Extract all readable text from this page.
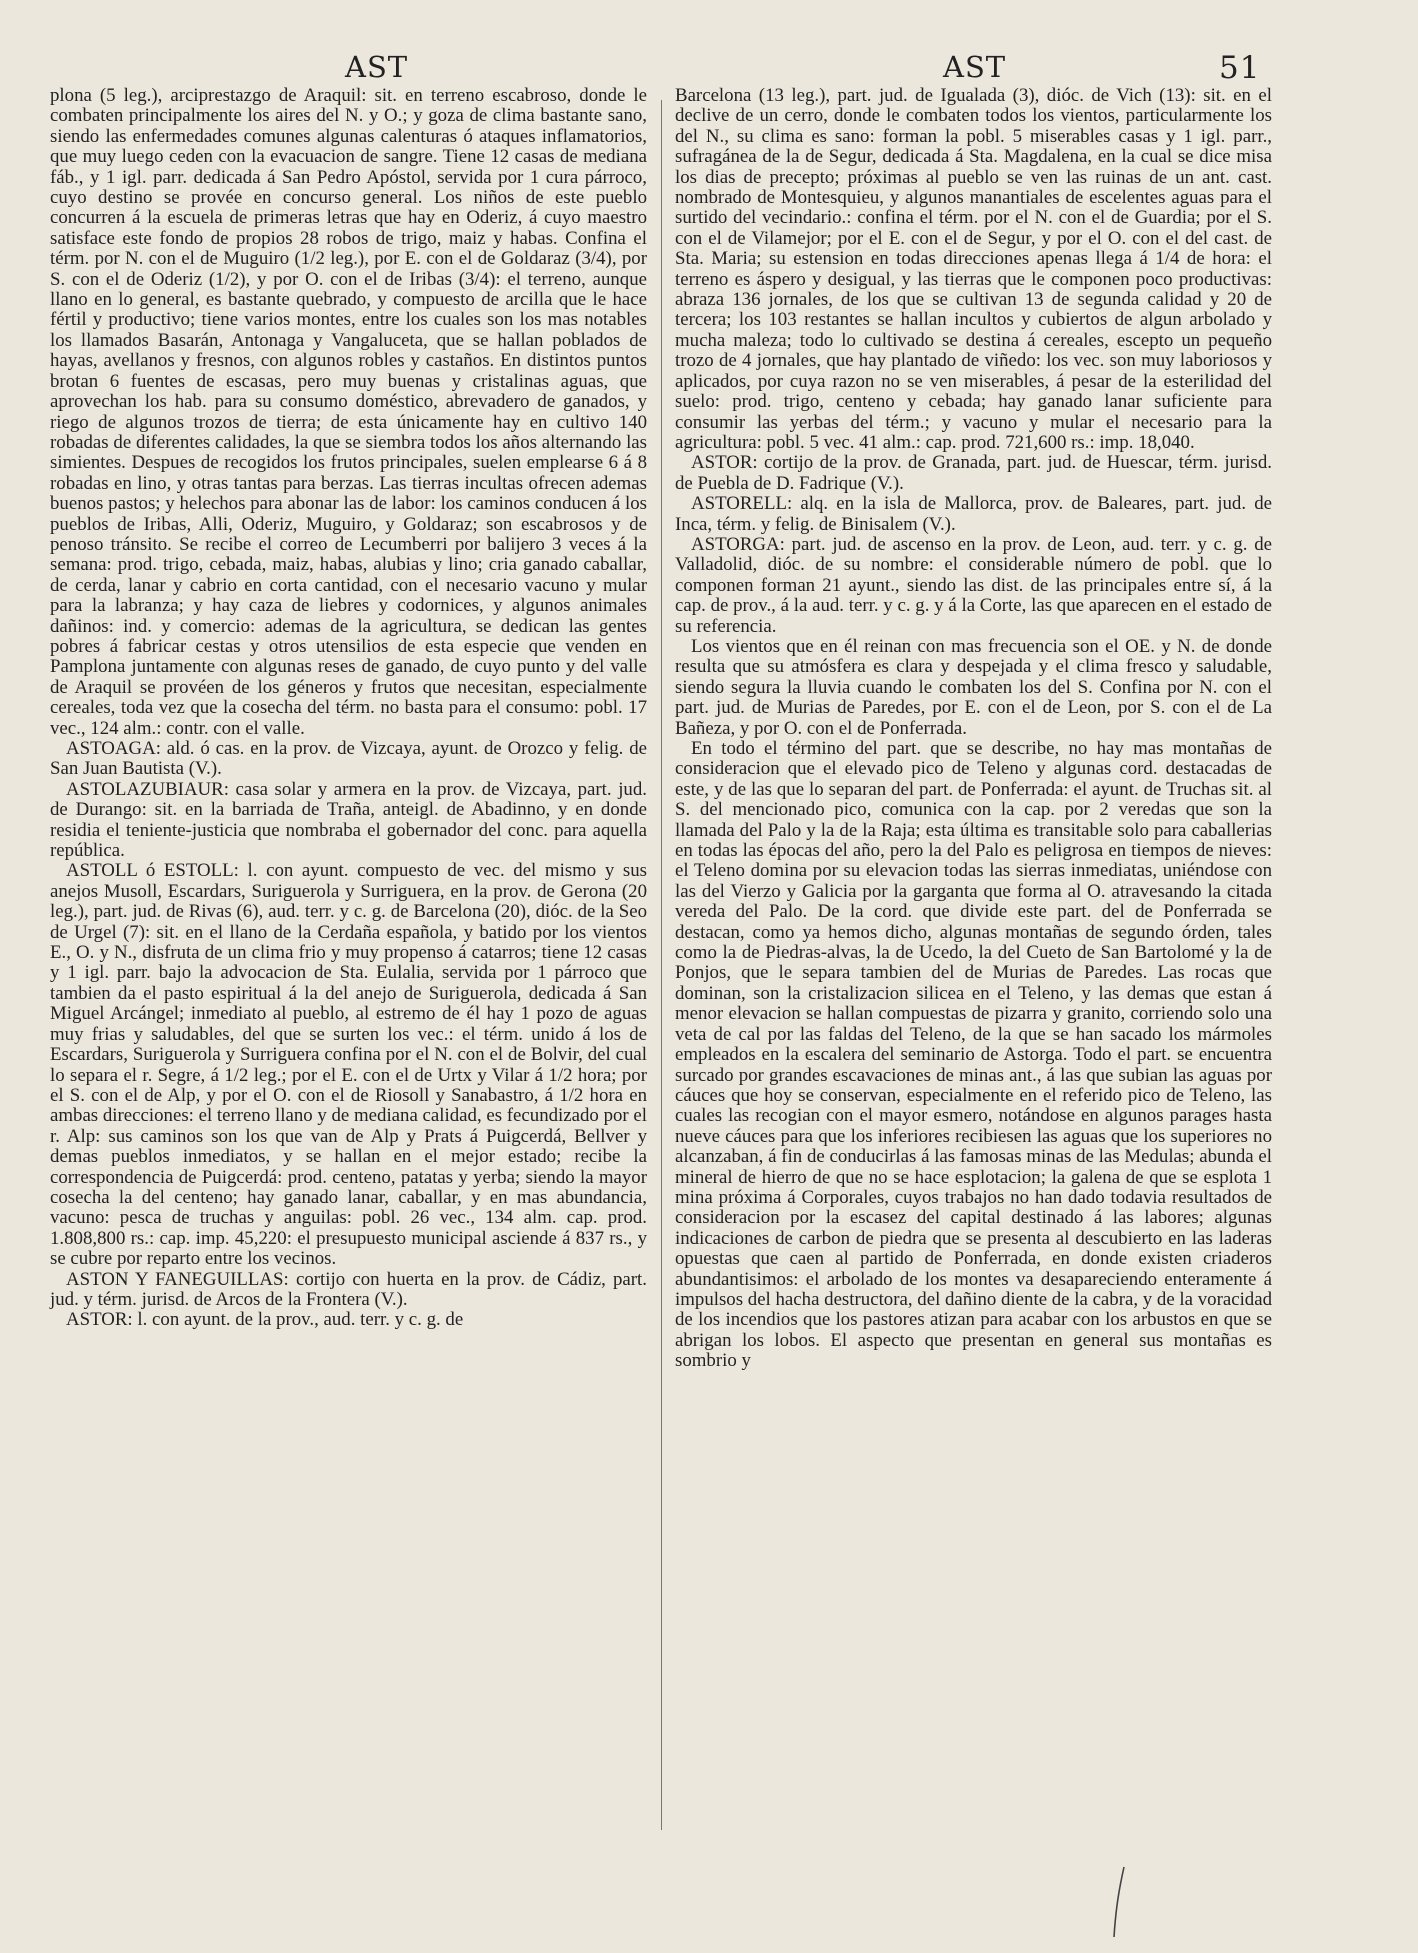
AST	AST	51

plona (5 leg.), arciprestazgo de Araquil: sit. en terreno escabroso, donde le combaten principalmente los aires del N. y O.; y goza de clima bastante sano, siendo las enfermedades comunes algunas calenturas ó ataques inflamatorios, que muy luego ceden con la evacuacion de sangre. Tiene 12 casas de mediana fáb., y 1 igl. parr. dedicada á San Pedro Apóstol, servida por 1 cura párroco, cuyo destino se provée en concurso general. Los niños de este pueblo concurren á la escuela de primeras letras que hay en Oderiz, á cuyo maestro satisface este fondo de propios 28 robos de trigo, maiz y habas. Confina el térm. por N. con el de Muguiro (1/2 leg.), por E. con el de Goldaraz (3/4), por S. con el de Oderiz (1/2), y por O. con el de Iribas (3/4): el terreno, aunque llano en lo general, es bastante quebrado, y compuesto de arcilla que le hace fértil y productivo; tiene varios montes, entre los cuales son los mas notables los llamados Basarán, Antonaga y Vangaluceta, que se hallan poblados de hayas, avellanos y fresnos, con algunos robles y castaños. En distintos puntos brotan 6 fuentes de escasas, pero muy buenas y cristalinas aguas, que aprovechan los hab. para su consumo doméstico, abrevadero de ganados, y riego de algunos trozos de tierra; de esta únicamente hay en cultivo 140 robadas de diferentes calidades, la que se siembra todos los años alternando las simientes. Despues de recogidos los frutos principales, suelen emplearse 6 á 8 robadas en lino, y otras tantas para berzas. Las tierras incultas ofrecen ademas buenos pastos; y helechos para abonar las de labor: los caminos conducen á los pueblos de Iribas, Alli, Oderiz, Muguiro, y Goldaraz; son escabrosos y de penoso tránsito. Se recibe el correo de Lecumberri por balijero 3 veces á la semana: prod. trigo, cebada, maiz, habas, alubias y lino; cria ganado caballar, de cerda, lanar y cabrio en corta cantidad, con el necesario vacuno y mular para la labranza; y hay caza de liebres y codornices, y algunos animales dañinos: ind. y comercio: ademas de la agricultura, se dedican las gentes pobres á fabricar cestas y otros utensilios de esta especie que venden en Pamplona juntamente con algunas reses de ganado, de cuyo punto y del valle de Araquil se provéen de los géneros y frutos que necesitan, especialmente cereales, toda vez que la cosecha del térm. no basta para el consumo: pobl. 17 vec., 124 alm.: contr. con el valle.

ASTOAGA: ald. ó cas. en la prov. de Vizcaya, ayunt. de Orozco y felig. de San Juan Bautista (V.).

ASTOLAZUBIAUR: casa solar y armera en la prov. de Vizcaya, part. jud. de Durango: sit. en la barriada de Traña, anteigl. de Abadinno, y en donde residia el teniente-justicia que nombraba el gobernador del conc. para aquella república.

ASTOLL ó ESTOLL: l. con ayunt. compuesto de vec. del mismo y sus anejos Musoll, Escardars, Suriguerola y Surriguera, en la prov. de Gerona (20 leg.), part. jud. de Rivas (6), aud. terr. y c. g. de Barcelona (20), dióc. de la Seo de Urgel (7): sit. en el llano de la Cerdaña española, y batido por los vientos E., O. y N., disfruta de un clima frio y muy propenso á catarros; tiene 12 casas y 1 igl. parr. bajo la advocacion de Sta. Eulalia, servida por 1 párroco que tambien da el pasto espiritual á la del anejo de Suriguerola, dedicada á San Miguel Arcángel; inmediato al pueblo, al estremo de él hay 1 pozo de aguas muy frias y saludables, del que se surten los vec.: el térm. unido á los de Escardars, Suriguerola y Surriguera confina por el N. con el de Bolvir, del cual lo separa el r. Segre, á 1/2 leg.; por el E. con el de Urtx y Vilar á 1/2 hora; por el S. con el de Alp, y por el O. con el de Riosoll y Sanabastro, á 1/2 hora en ambas direcciones: el terreno llano y de mediana calidad, es fecundizado por el r. Alp: sus caminos son los que van de Alp y Prats á Puigcerdá, Bellver y demas pueblos inmediatos, y se hallan en el mejor estado; recibe la correspondencia de Puigcerdá: prod. centeno, patatas y yerba; siendo la mayor cosecha la del centeno; hay ganado lanar, caballar, y en mas abundancia, vacuno: pesca de truchas y anguilas: pobl. 26 vec., 134 alm. cap. prod. 1.808,800 rs.: cap. imp. 45,220: el presupuesto municipal asciende á 837 rs., y se cubre por reparto entre los vecinos.

ASTON Y FANEGUILLAS: cortijo con huerta en la prov. de Cádiz, part. jud. y térm. jurisd. de Arcos de la Frontera (V.).

ASTOR: l. con ayunt. de la prov., aud. terr. y c. g. de

Barcelona (13 leg.), part. jud. de Igualada (3), dióc. de Vich (13): sit. en el declive de un cerro, donde le combaten todos los vientos, particularmente los del N., su clima es sano: forman la pobl. 5 miserables casas y 1 igl. parr., sufragánea de la de Segur, dedicada á Sta. Magdalena, en la cual se dice misa los dias de precepto; próximas al pueblo se ven las ruinas de un ant. cast. nombrado de Montesquieu, y algunos manantiales de escelentes aguas para el surtido del vecindario.: confina el térm. por el N. con el de Guardia; por el S. con el de Vilamejor; por el E. con el de Segur, y por el O. con el del cast. de Sta. Maria; su estension en todas direcciones apenas llega á 1/4 de hora: el terreno es áspero y desigual, y las tierras que le componen poco productivas: abraza 136 jornales, de los que se cultivan 13 de segunda calidad y 20 de tercera; los 103 restantes se hallan incultos y cubiertos de algun arbolado y mucha maleza; todo lo cultivado se destina á cereales, escepto un pequeño trozo de 4 jornales, que hay plantado de viñedo: los vec. son muy laboriosos y aplicados, por cuya razon no se ven miserables, á pesar de la esterilidad del suelo: prod. trigo, centeno y cebada; hay ganado lanar suficiente para consumir las yerbas del térm.; y vacuno y mular el necesario para la agricultura: pobl. 5 vec. 41 alm.: cap. prod. 721,600 rs.: imp. 18,040.

ASTOR: cortijo de la prov. de Granada, part. jud. de Huescar, térm. jurisd. de Puebla de D. Fadrique (V.).

ASTORELL: alq. en la isla de Mallorca, prov. de Baleares, part. jud. de Inca, térm. y felig. de Binisalem (V.).

ASTORGA: part. jud. de ascenso en la prov. de Leon, aud. terr. y c. g. de Valladolid, dióc. de su nombre: el considerable número de pobl. que lo componen forman 21 ayunt., siendo las dist. de las principales entre sí, á la cap. de prov., á la aud. terr. y c. g. y á la Corte, las que aparecen en el estado de su referencia.

Los vientos que en él reinan con mas frecuencia son el OE. y N. de donde resulta que su atmósfera es clara y despejada y el clima fresco y saludable, siendo segura la lluvia cuando le combaten los del S. Confina por N. con el part. jud. de Murias de Paredes, por E. con el de Leon, por S. con el de La Bañeza, y por O. con el de Ponferrada.

En todo el término del part. que se describe, no hay mas montañas de consideracion que el elevado pico de Teleno y algunas cord. destacadas de este, y de las que lo separan del part. de Ponferrada: el ayunt. de Truchas sit. al S. del mencionado pico, comunica con la cap. por 2 veredas que son la llamada del Palo y la de la Raja; esta última es transitable solo para caballerias en todas las épocas del año, pero la del Palo es peligrosa en tiempos de nieves: el Teleno domina por su elevacion todas las sierras inmediatas, uniéndose con las del Vierzo y Galicia por la garganta que forma al O. atravesando la citada vereda del Palo. De la cord. que divide este part. del de Ponferrada se destacan, como ya hemos dicho, algunas montañas de segundo órden, tales como la de Piedras-alvas, la de Ucedo, la del Cueto de San Bartolomé y la de Ponjos, que le separa tambien del de Murias de Paredes. Las rocas que dominan, son la cristalizacion silicea en el Teleno, y las demas que estan á menor elevacion se hallan compuestas de pizarra y granito, corriendo solo una veta de cal por las faldas del Teleno, de la que se han sacado los mármoles empleados en la escalera del seminario de Astorga. Todo el part. se encuentra surcado por grandes escavaciones de minas ant., á las que subian las aguas por cáuces que hoy se conservan, especialmente en el referido pico de Teleno, las cuales las recogian con el mayor esmero, notándose en algunos parages hasta nueve cáuces para que los inferiores recibiesen las aguas que los superiores no alcanzaban, á fin de conducirlas á las famosas minas de las Medulas; abunda el mineral de hierro de que no se hace esplotacion; la galena de que se esplota 1 mina próxima á Corporales, cuyos trabajos no han dado todavia resultados de consideracion por la escasez del capital destinado á las labores; algunas indicaciones de carbon de piedra que se presenta al descubierto en las laderas opuestas que caen al partido de Ponferrada, en donde existen criaderos abundantisimos: el arbolado de los montes va desapareciendo enteramente á impulsos del hacha destructora, del dañino diente de la cabra, y de la voracidad de los incendios que los pastores atizan para acabar con los arbustos en que se abrigan los lobos. El aspecto que presentan en general sus montañas es sombrio y
